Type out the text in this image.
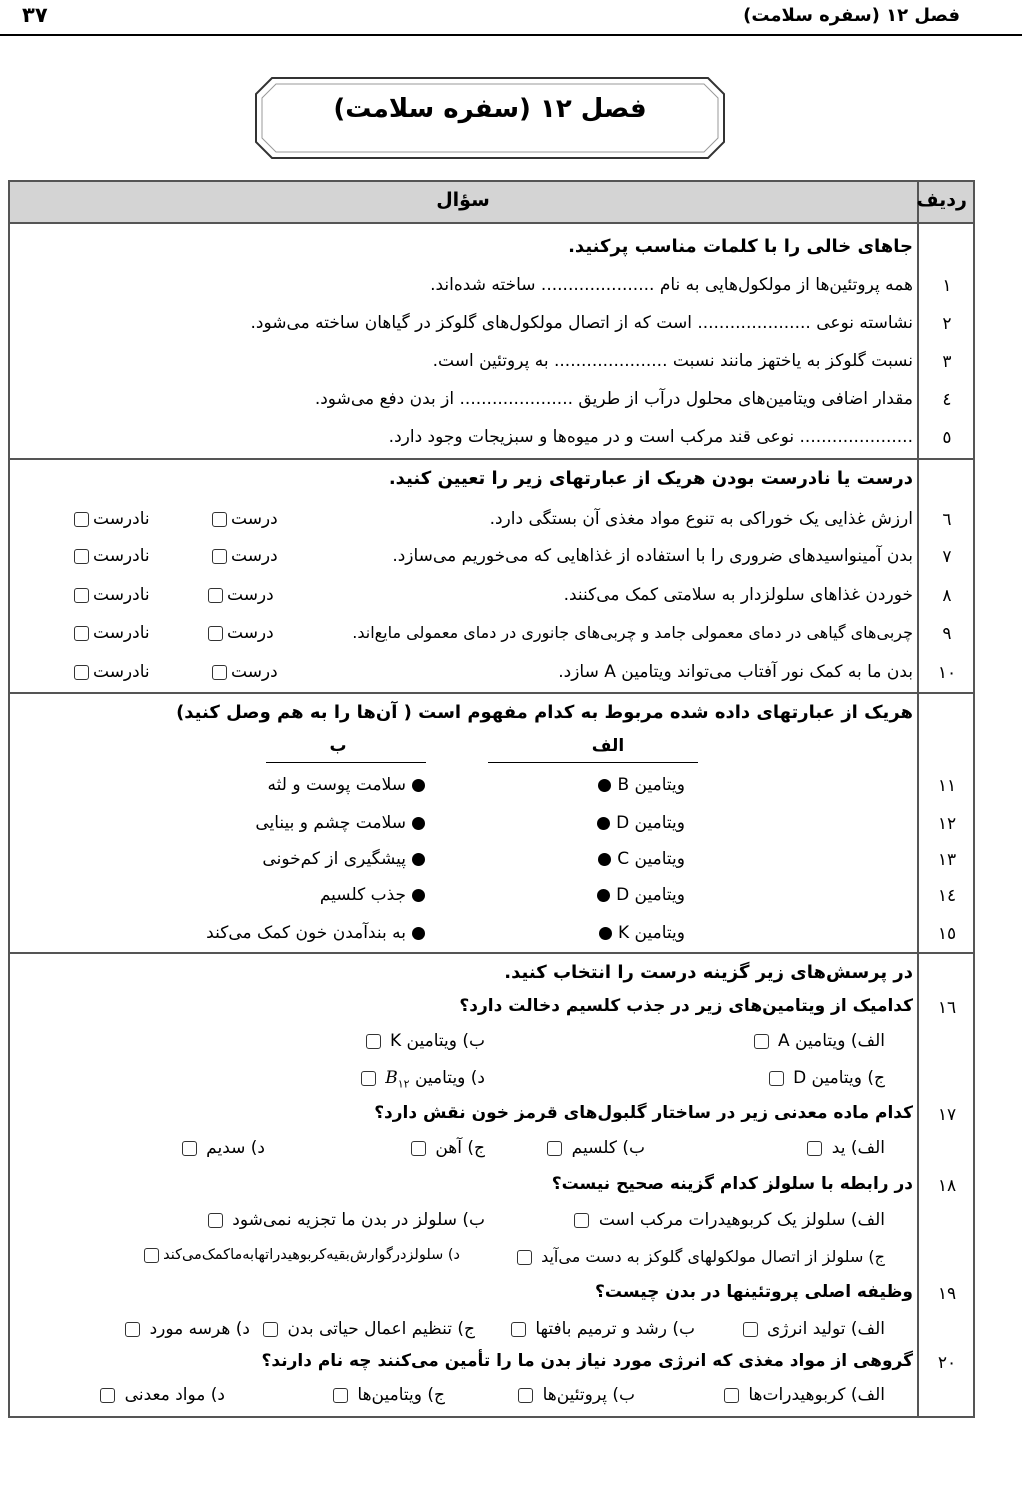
فصل ۱۲ (سفره سلامت)
۳۷
فصل ۱۲ (سفره سلامت)
ردیف
سؤال
جاهای خالی را با کلمات مناسب پرکنید.
۱
همه پروتئین‌ها از مولکول‌هایی به نام ..................... ساخته شده‌اند.
۲
نشاسته نوعی ..................... است که از اتصال مولکول‌های گلوکز در گیاهان ساخته می‌شود.
۳
نسبت گلوکز به یاختهز مانند نسبت ..................... به پروتئین است.
٤
مقدار اضافی ویتامین‌های محلول درآب از طریق ..................... از بدن دفع می‌شود.
٥
..................... نوعی قند مرکب است و در میوه‌ها و سبزیجات وجود دارد.
درست یا نادرست بودن هریک از عبارتهای زیر را تعیین کنید.
٦
ارزش غذایی یک خوراکی به تنوع مواد مغذی آن بستگی دارد.
درست
نادرست
۷
بدن آمینواسیدهای ضروری را با استفاده از غذاهایی که می‌خوریم می‌سازد.
درست
نادرست
۸
خوردن غذاهای سلولزدار به سلامتی کمک می‌کنند.
درست
نادرست
۹
چربی‌های گیاهی در دمای معمولی جامد و چربی‌های جانوری در دمای معمولی مایع‌اند.
درست
نادرست
۱۰
بدن ما به کمک نور آفتاب می‌تواند ویتامین A سازد.
درست
نادرست
هریک از عبارتهای داده شده مربوط به کدام مفهوم است ( آن‌ها را به هم وصل کنید)
الف
ب
۱۱
ویتامین B
سلامت پوست و لثه
۱۲
ویتامین D
سلامت چشم و بینایی
۱۳
ویتامین C
پیشگیری از کم‌خونی
١٤
ویتامین D
جذب کلسیم
۱٥
ویتامین K
به بندآمدن خون کمک می‌کند
در پرسش‌های زیر گزینه درست را انتخاب کنید.
١٦
کدامیک از ویتامین‌های زیر در جذب کلسیم دخالت دارد؟
الف) ویتامین A
ب) ویتامین K
ج) ویتامین D
د) ویتامین $B_{۱۲}$
۱۷
کدام ماده معدنی زیر در ساختار گلبول‌های قرمز خون نقش دارد؟
الف) ید
ب) کلسیم
ج) آهن
د) سدیم
۱۸
در رابطه با سلولز کدام گزینه صحیح نیست؟
الف) سلولز یک کربوهیدرات مرکب است
ب) سلولز در بدن ما تجزیه نمی‌شود
ج) سلولز از اتصال مولکولهای گلوکز به دست می‌آید
د) سلولزدرگوارش‌بقیه‌کربوهیدراتهابه‌ماکمک‌می‌کند
۱۹
وظیفه اصلی پروتئینها در بدن چیست؟
الف) تولید انرژی
ب) رشد و ترمیم بافتها
ج) تنظیم اعمال حیاتی بدن
د) هرسه مورد
۲۰
گروهی از مواد مغذی که انرژی مورد نیاز بدن ما را تأمین می‌کنند چه نام دارند؟
الف) کربوهیدرات‌ها
ب) پروتئین‌ها
ج) ویتامین‌ها
د) مواد معدنی
